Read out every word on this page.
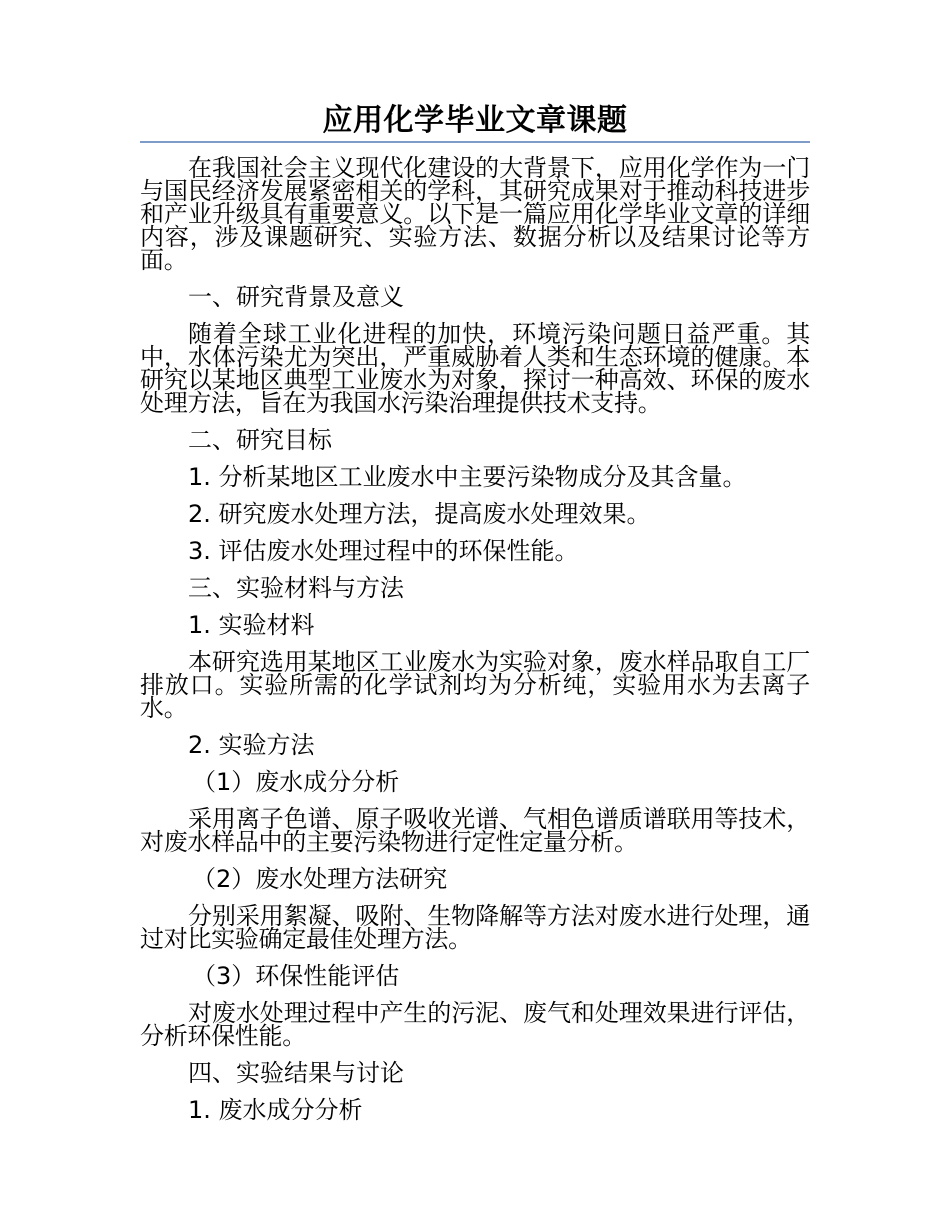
应用化学毕业文章课题

在我国社会主义现代化建设的大背景下，应用化学作为一门与国民经济发展紧密相关的学科，其研究成果对于推动科技进步和产业升级具有重要意义。以下是一篇应用化学毕业文章的详细内容，涉及课题研究、实验方法、数据分析以及结果讨论等方面。

一、研究背景及意义

随着全球工业化进程的加快，环境污染问题日益严重。其中，水体污染尤为突出，严重威胁着人类和生态环境的健康。本研究以某地区典型工业废水为对象，探讨一种高效、环保的废水处理方法，旨在为我国水污染治理提供技术支持。

二、研究目标

1. 分析某地区工业废水中主要污染物成分及其含量。

2. 研究废水处理方法，提高废水处理效果。

3. 评估废水处理过程中的环保性能。

三、实验材料与方法

1. 实验材料

本研究选用某地区工业废水为实验对象，废水样品取自工厂排放口。实验所需的化学试剂均为分析纯，实验用水为去离子水。

2. 实验方法

（1）废水成分分析

采用离子色谱、原子吸收光谱、气相色谱质谱联用等技术，对废水样品中的主要污染物进行定性定量分析。

（2）废水处理方法研究

分别采用絮凝、吸附、生物降解等方法对废水进行处理，通过对比实验确定最佳处理方法。

（3）环保性能评估

对废水处理过程中产生的污泥、废气和处理效果进行评估，分析环保性能。

四、实验结果与讨论

1. 废水成分分析
